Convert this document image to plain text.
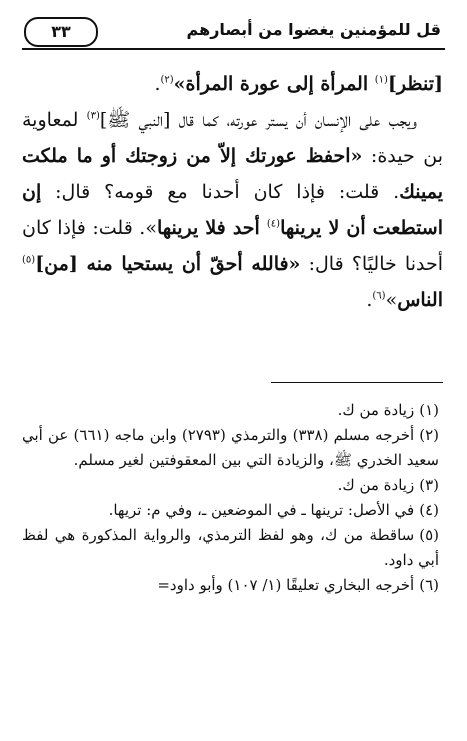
قل للمؤمنين يغضوا من أبصارهم
٣٣

[تنظر]$^{(١)}$ المرأة إلى عورة المرأة»$^{(٢)}$.

ويجب على الإنسان أن يستر عورته، كما قال [النبي ﷺ]$^{(٣)}$ لمعاوية بن حيدة: «احفظ عورتك إلاّ من زوجتك أو ما ملكت يمينك. قلت: فإذا كان أحدنا مع قومه؟ قال: إن استطعت أن لا يرينها$^{(٤)}$ أحد فلا يرينها». قلت: فإذا كان أحدنا خاليًا؟ قال: «فالله أحقّ أن يستحيا منه [من]$^{(٥)}$ الناس»$^{(٦)}$.

(١)زيادة من ك.

(٢)أخرجه مسلم (٣٣٨) والترمذي (٢٧٩٣) وابن ماجه (٦٦١) عن أبي سعيد الخدري ﷺ، والزيادة التي بين المعقوفتين لغير مسلم.

(٣)زيادة من ك.

(٤)في الأصل: ترينها ـ في الموضعين ـ، وفي م: تريها.

(٥)ساقطة من ك، وهو لفظ الترمذي، والرواية المذكورة هي لفظ أبي داود.

(٦)أخرجه البخاري تعليقًا (١/ ١٠٧) وأبو داود=
